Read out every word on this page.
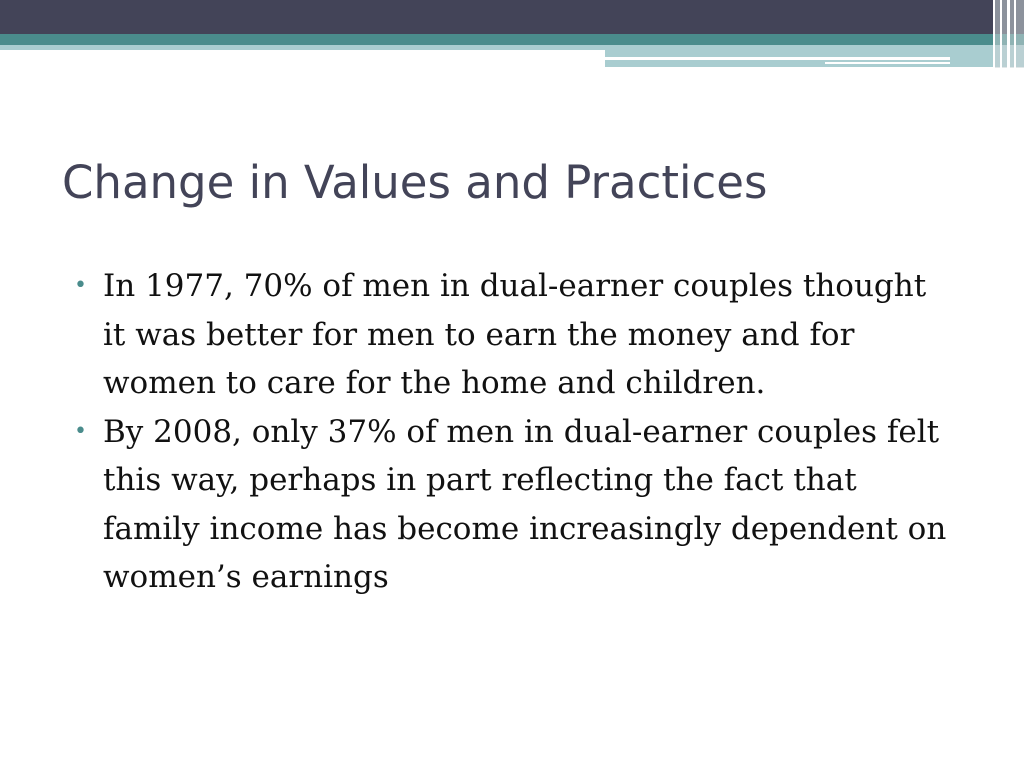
Change in Values and Practices
• In 1977, 70% of men in dual-earner couples thought it was better for men to earn the money and for women to care for the home and children.
• By 2008, only 37% of men in dual-earner couples felt this way, perhaps in part reflecting the fact that family income has become increasingly dependent on women’s earnings
